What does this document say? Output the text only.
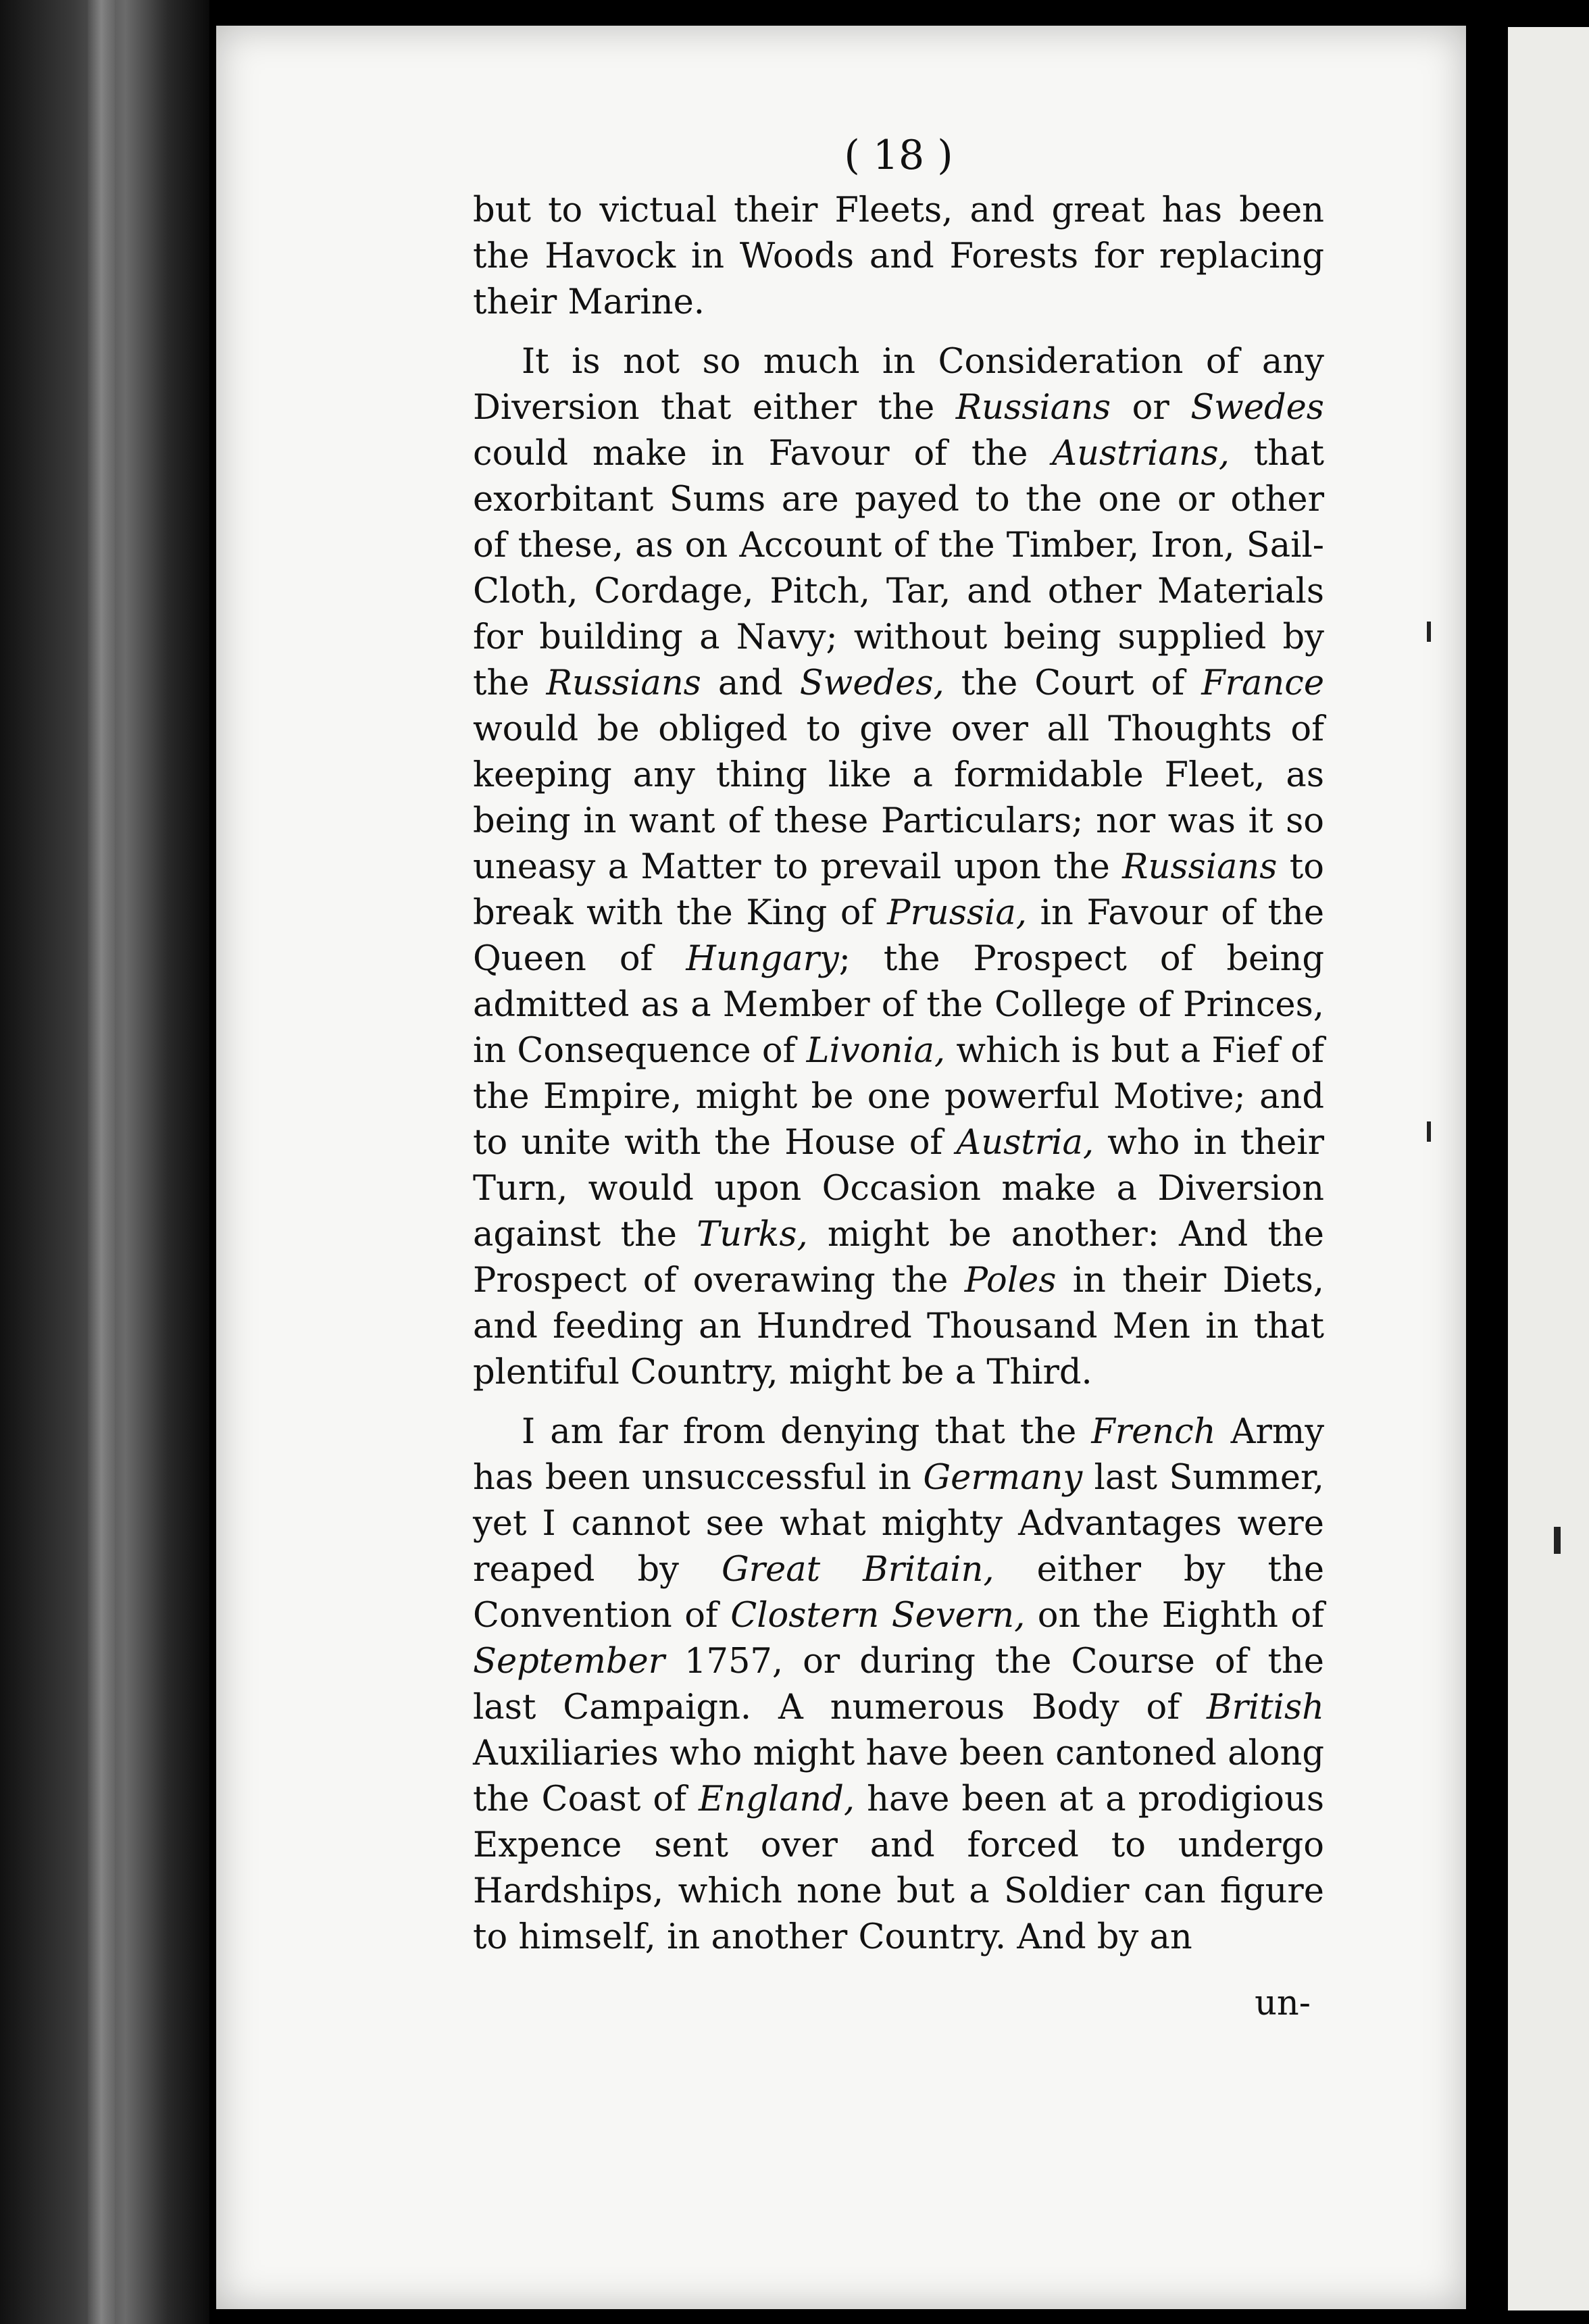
( 18 )

but to victual their Fleets, and great has been the Havock in Woods and Forests for replacing their Marine.

It is not so much in Consideration of any Diversion that either the Russians or Swedes could make in Favour of the Austrians, that exorbitant Sums are payed to the one or other of these, as on Account of the Timber, Iron, Sail-Cloth, Cordage, Pitch, Tar, and other Materials for building a Navy; without being supplied by the Russians and Swedes, the Court of France would be obliged to give over all Thoughts of keeping any thing like a formidable Fleet, as being in want of these Particulars; nor was it so uneasy a Matter to prevail upon the Russians to break with the King of Prussia, in Favour of the Queen of Hungary; the Prospect of being admitted as a Member of the College of Princes, in Consequence of Livonia, which is but a Fief of the Empire, might be one powerful Motive; and to unite with the House of Austria, who in their Turn, would upon Occasion make a Diversion against the Turks, might be another: And the Prospect of overawing the Poles in their Diets, and feeding an Hundred Thousand Men in that plentiful Country, might be a Third.

I am far from denying that the French Army has been unsuccessful in Germany last Summer, yet I cannot see what mighty Advantages were reaped by Great Britain, either by the Convention of Clostern Severn, on the Eighth of September 1757, or during the Course of the last Campaign. A numerous Body of British Auxiliaries who might have been cantoned along the Coast of England, have been at a prodigious Expence sent over and forced to undergo Hardships, which none but a Soldier can figure to himself, in another Country. And by an

un-
